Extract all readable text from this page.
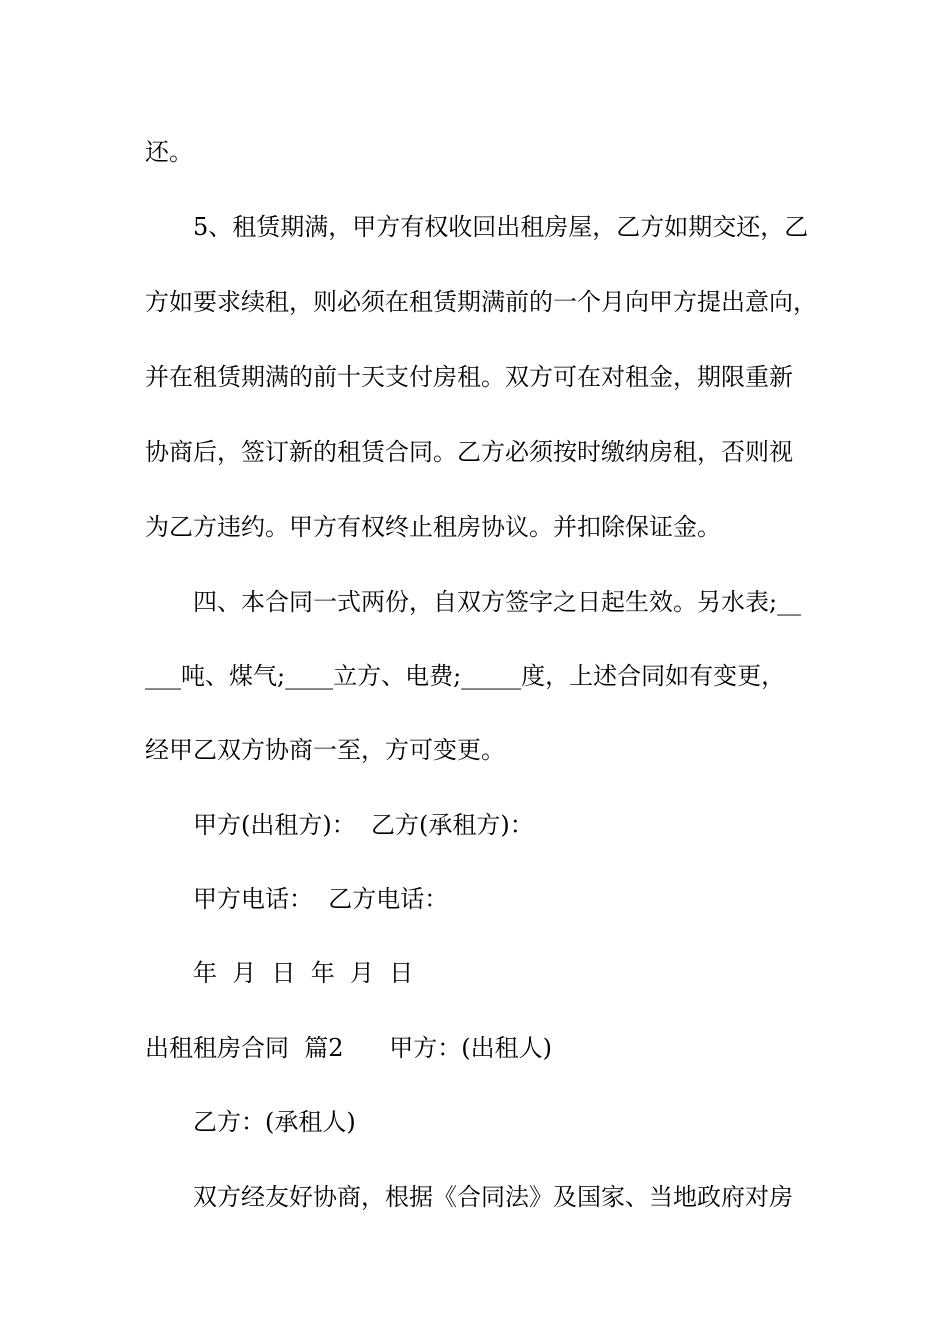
还。
5、租赁期满，甲方有权收回出租房屋，乙方如期交还，乙
方如要求续租，则必须在租赁期满前的一个月向甲方提出意向，
并在租赁期满的前十天支付房租。双方可在对租金，期限重新
协商后，签订新的租赁合同。乙方必须按时缴纳房租，否则视
为乙方违约。甲方有权终止租房协议。并扣除保证金。
四、本合同一式两份，自双方签字之日起生效。另水表;__
___吨、煤气;____立方、电费;_____度，上述合同如有变更，
经甲乙双方协商一至，方可变更。
甲方(出租方)：  乙方(承租方)：
甲方电话：  乙方电话：
年  月  日  年  月  日
出租租房合同  篇2      甲方：(出租人)
乙方：(承租人)
双方经友好协商，根据《合同法》及国家、当地政府对房
